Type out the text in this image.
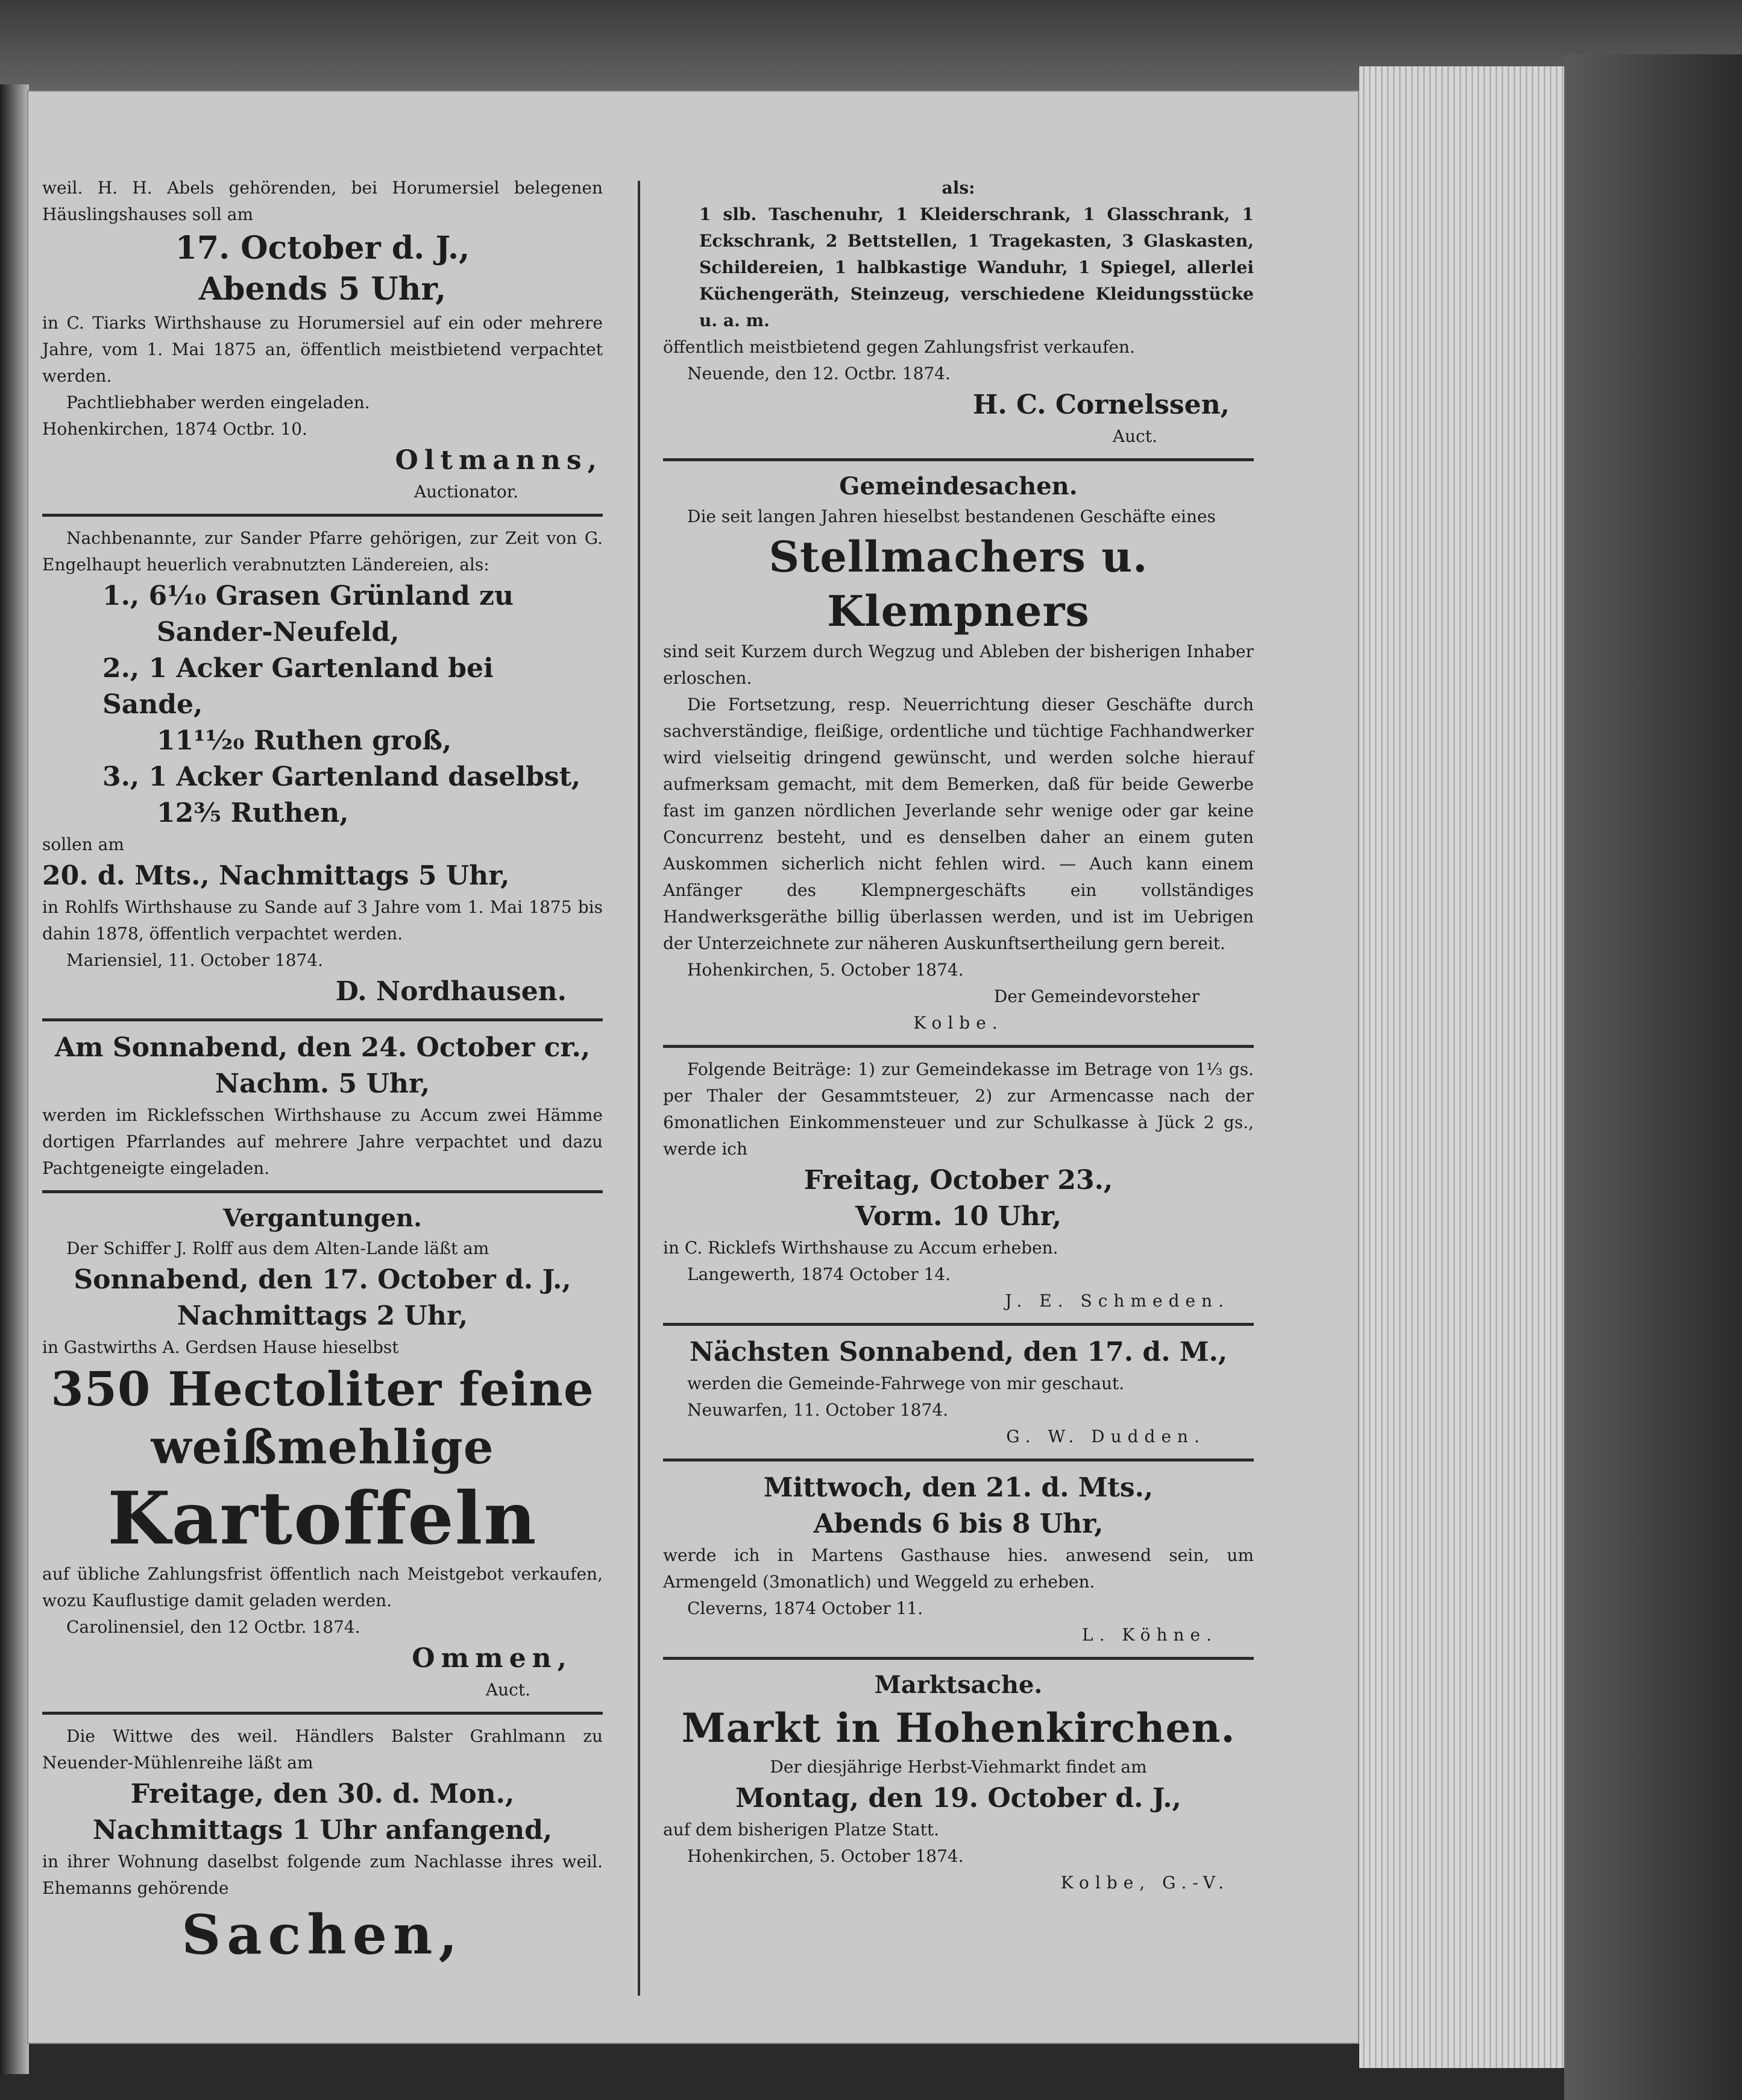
weil. H. H. Abels gehörenden, bei Horumersiel belegenen Häuslingshauses soll am

17. October d. J.,

Abends 5 Uhr,

in C. Tiarks Wirthshause zu Horumersiel auf ein oder mehrere Jahre, vom 1. Mai 1875 an, öffentlich meistbietend verpachtet werden.

Pachtliebhaber werden eingeladen.

Hohenkirchen, 1874 Octbr. 10.

Oltmanns,

Auctionator.

Nachbenannte, zur Sander Pfarre gehörigen, zur Zeit von G. Engelhaupt heuerlich verabnutzten Ländereien, als:

1., 6¹⁄₁₀ Grasen Grünland zu

Sander-Neufeld,

2., 1 Acker Gartenland bei Sande,

11¹¹⁄₂₀ Ruthen groß,

3., 1 Acker Gartenland daselbst,

12³⁄₅ Ruthen,

sollen am

20. d. Mts., Nachmittags 5 Uhr,

in Rohlfs Wirthshause zu Sande auf 3 Jahre vom 1. Mai 1875 bis dahin 1878, öffentlich verpachtet werden.

Mariensiel, 11. October 1874.

D. Nordhausen.

Am Sonnabend, den 24. October cr.,

Nachm. 5 Uhr,

werden im Ricklefsschen Wirthshause zu Accum zwei Hämme dortigen Pfarrlandes auf mehrere Jahre verpachtet und dazu Pachtgeneigte eingeladen.

Vergantungen.

Der Schiffer J. Rolff aus dem Alten-Lande läßt am

Sonnabend, den 17. October d. J.,

Nachmittags 2 Uhr,

in Gastwirths A. Gerdsen Hause hieselbst

350 Hectoliter feine

weißmehlige

Kartoffeln

auf übliche Zahlungsfrist öffentlich nach Meistgebot verkaufen, wozu Kauflustige damit geladen werden.

Carolinensiel, den 12 Octbr. 1874.

Ommen,

Auct.

Die Wittwe des weil. Händlers Balster Grahlmann zu Neuender-Mühlenreihe läßt am

Freitage, den 30. d. Mon.,

Nachmittags 1 Uhr anfangend,

in ihrer Wohnung daselbst folgende zum Nachlasse ihres weil. Ehemanns gehörende

Sachen,

als:

1 slb. Taschenuhr, 1 Kleiderschrank, 1 Glasschrank, 1 Eckschrank, 2 Bettstellen, 1 Tragekasten, 3 Glaskasten, Schildereien, 1 halbkastige Wanduhr, 1 Spiegel, allerlei Küchengeräth, Steinzeug, verschiedene Kleidungsstücke u. a. m.

öffentlich meistbietend gegen Zahlungsfrist verkaufen.

Neuende, den 12. Octbr. 1874.

H. C. Cornelssen,

Auct.

Gemeindesachen.

Die seit langen Jahren hieselbst bestandenen Geschäfte eines

Stellmachers u. Klempners

sind seit Kurzem durch Wegzug und Ableben der bisherigen Inhaber erloschen.

Die Fortsetzung, resp. Neuerrichtung dieser Geschäfte durch sachverständige, fleißige, ordentliche und tüchtige Fachhandwerker wird vielseitig dringend gewünscht, und werden solche hierauf aufmerksam gemacht, mit dem Bemerken, daß für beide Gewerbe fast im ganzen nördlichen Jeverlande sehr wenige oder gar keine Concurrenz besteht, und es denselben daher an einem guten Auskommen sicherlich nicht fehlen wird. — Auch kann einem Anfänger des Klempnergeschäfts ein vollständiges Handwerksgeräthe billig überlassen werden, und ist im Uebrigen der Unterzeichnete zur näheren Auskunftsertheilung gern bereit.

Hohenkirchen, 5. October 1874.

Der Gemeindevorsteher

Kolbe.

Folgende Beiträge: 1) zur Gemeindekasse im Betrage von 1¹⁄₃ gs. per Thaler der Gesammtsteuer, 2) zur Armencasse nach der 6monatlichen Einkommensteuer und zur Schulkasse à Jück 2 gs., werde ich

Freitag, October 23.,

Vorm. 10 Uhr,

in C. Ricklefs Wirthshause zu Accum erheben.

Langewerth, 1874 October 14.

J. E. Schmeden.

Nächsten Sonnabend, den 17. d. M.,

werden die Gemeinde-Fahrwege von mir geschaut.

Neuwarfen, 11. October 1874.

G. W. Dudden.

Mittwoch, den 21. d. Mts.,

Abends 6 bis 8 Uhr,

werde ich in Martens Gasthause hies. anwesend sein, um Armengeld (3monatlich) und Weggeld zu erheben.

Cleverns, 1874 October 11.

L. Köhne.

Marktsache.

Markt in Hohenkirchen.

Der diesjährige Herbst-Viehmarkt findet am

Montag, den 19. October d. J.,

auf dem bisherigen Platze Statt.

Hohenkirchen, 5. October 1874.

Kolbe, G.-V.
